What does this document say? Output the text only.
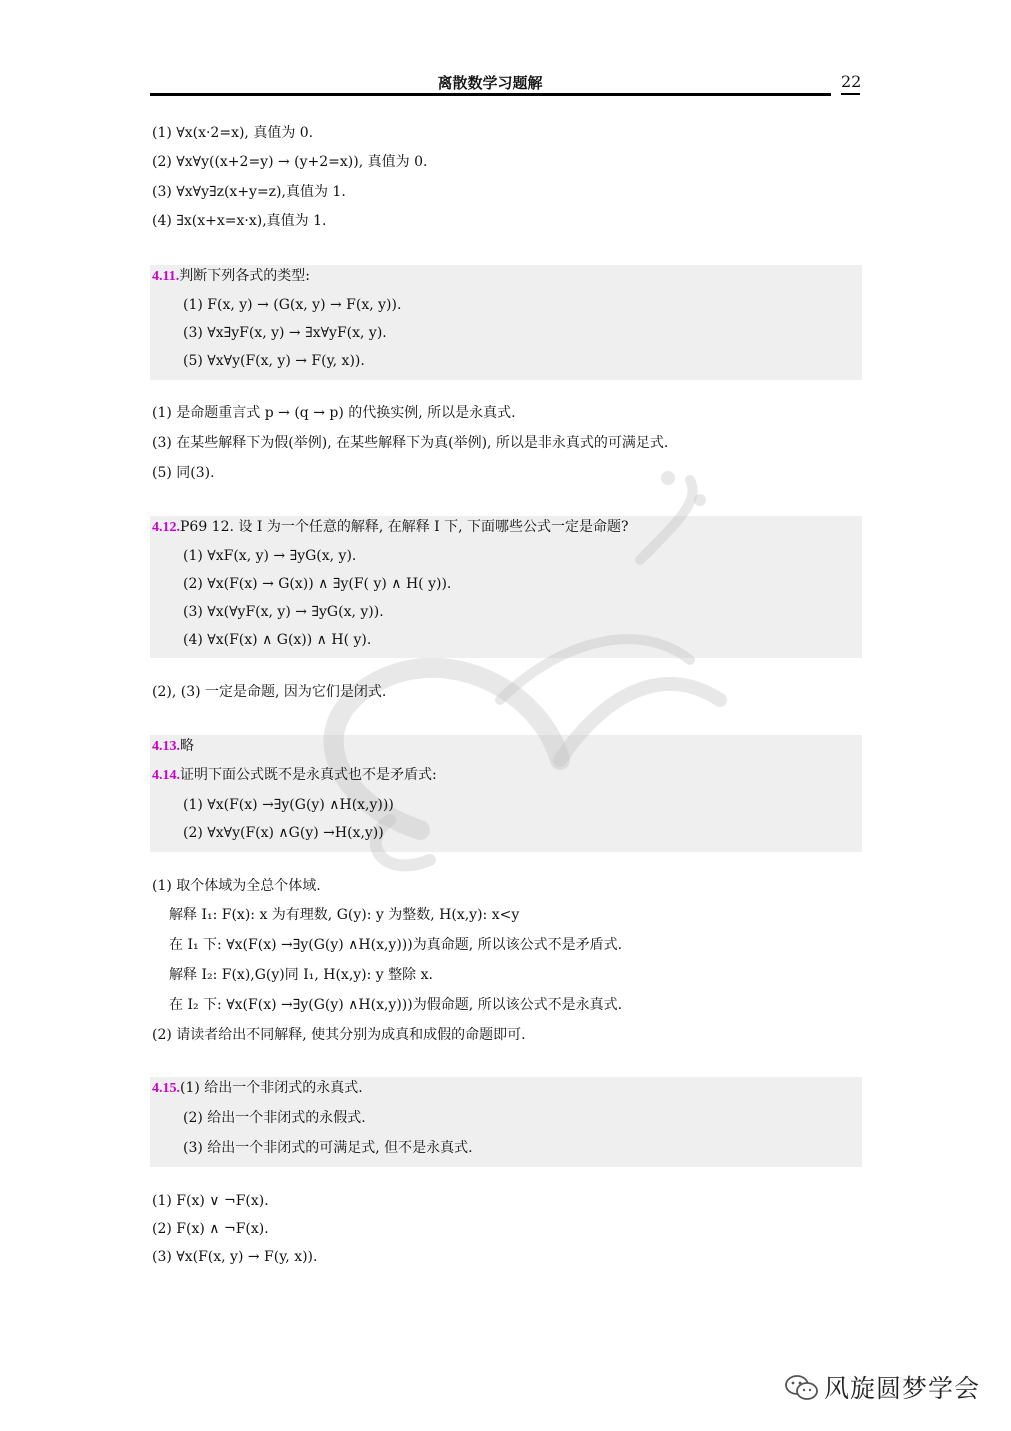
离散数学习题解	22
(1) ∀x(x·2=x), 真值为 0.
(2) ∀x∀y((x+2=y) → (y+2=x)), 真值为 0.
(3) ∀x∀y∃z(x+y=z),真值为 1.
(4) ∃x(x+x=x·x),真值为 1.
4.11.判断下列各式的类型:
(1) F(x, y) → (G(x, y) → F(x, y)).
(3) ∀x∃yF(x, y) → ∃x∀yF(x, y).
(5) ∀x∀y(F(x, y) → F(y, x)).
(1) 是命题重言式 p → (q → p) 的代换实例, 所以是永真式.
(3) 在某些解释下为假(举例), 在某些解释下为真(举例), 所以是非永真式的可满足式.
(5) 同(3).
4.12.P69 12. 设 I 为一个任意的解释, 在解释 I 下, 下面哪些公式一定是命题?
(1) ∀xF(x, y) → ∃yG(x, y).
(2) ∀x(F(x) → G(x)) ∧ ∃y(F( y) ∧ H( y)).
(3) ∀x(∀yF(x, y) → ∃yG(x, y)).
(4) ∀x(F(x) ∧ G(x)) ∧ H( y).
(2), (3) 一定是命题, 因为它们是闭式.
4.13.略
4.14.证明下面公式既不是永真式也不是矛盾式:
(1) ∀x(F(x) →∃y(G(y) ∧H(x,y)))
(2) ∀x∀y(F(x) ∧G(y) →H(x,y))
(1) 取个体域为全总个体域.
解释 I₁: F(x): x 为有理数, G(y): y 为整数, H(x,y): x<y
在 I₁ 下: ∀x(F(x) →∃y(G(y) ∧H(x,y)))为真命题, 所以该公式不是矛盾式.
解释 I₂: F(x),G(y)同 I₁, H(x,y): y 整除 x.
在 I₂ 下: ∀x(F(x) →∃y(G(y) ∧H(x,y)))为假命题, 所以该公式不是永真式.
(2) 请读者给出不同解释, 使其分别为成真和成假的命题即可.
4.15.(1) 给出一个非闭式的永真式.
(2) 给出一个非闭式的永假式.
(3) 给出一个非闭式的可满足式, 但不是永真式.
(1) F(x) ∨ ¬F(x).
(2) F(x) ∧ ¬F(x).
(3) ∀x(F(x, y) → F(y, x)).
风旋圆梦学会
